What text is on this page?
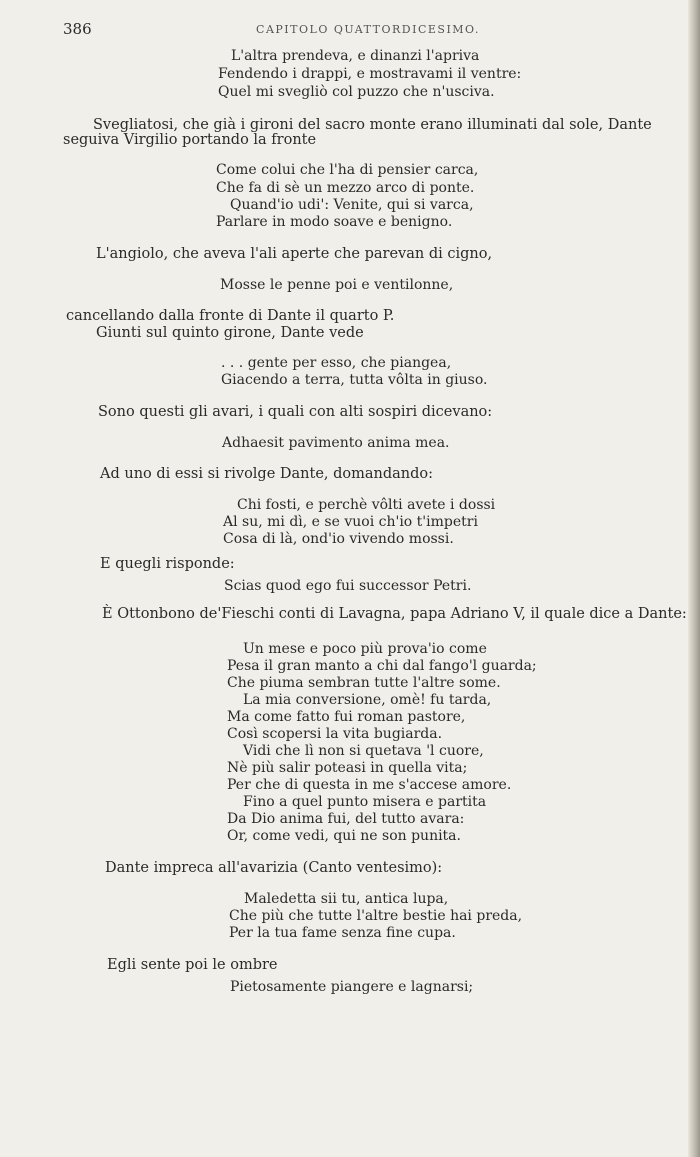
386	CAPITOLO QUATTORDICESIMO.
L'altra prendeva, e dinanzi l'apriva
Fendendo i drappi, e mostravami il ventre:
Quel mi svegliò col puzzo che n'usciva.
Svegliatosi, che già i gironi del sacro monte erano illuminati dal sole, Dante
seguiva Virgilio portando la fronte
Come colui che l'ha di pensier carca,
Che fa di sè un mezzo arco di ponte.
Quand'io udi': Venite, qui si varca,
Parlare in modo soave e benigno.
L'angiolo, che aveva l'ali aperte che parevan di cigno,
Mosse le penne poi e ventilonne,
cancellando dalla fronte di Dante il quarto P.
Giunti sul quinto girone, Dante vede
. . . gente per esso, che piangea,
Giacendo a terra, tutta vôlta in giuso.
Sono questi gli avari, i quali con alti sospiri dicevano:
Adhaesit pavimento anima mea.
Ad uno di essi si rivolge Dante, domandando:
Chi fosti, e perchè vôlti avete i dossi
Al su, mi dì, e se vuoi ch'io t'impetri
Cosa di là, ond'io vivendo mossi.
E quegli risponde:
Scias quod ego fui successor Petri.
È Ottonbono de'Fieschi conti di Lavagna, papa Adriano V, il quale dice a Dante:
Un mese e poco più prova'io come
Pesa il gran manto a chi dal fango'l guarda;
Che piuma sembran tutte l'altre some.
La mia conversione, omè! fu tarda,
Ma come fatto fui roman pastore,
Così scopersi la vita bugiarda.
Vidi che lì non si quetava 'l cuore,
Nè più salir poteasi in quella vita;
Per che di questa in me s'accese amore.
Fino a quel punto misera e partita
Da Dio anima fui, del tutto avara:
Or, come vedi, qui ne son punita.
Dante impreca all'avarizia (Canto ventesimo):
Maledetta sii tu, antica lupa,
Che più che tutte l'altre bestie hai preda,
Per la tua fame senza fine cupa.
Egli sente poi le ombre
Pietosamente piangere e lagnarsi;
